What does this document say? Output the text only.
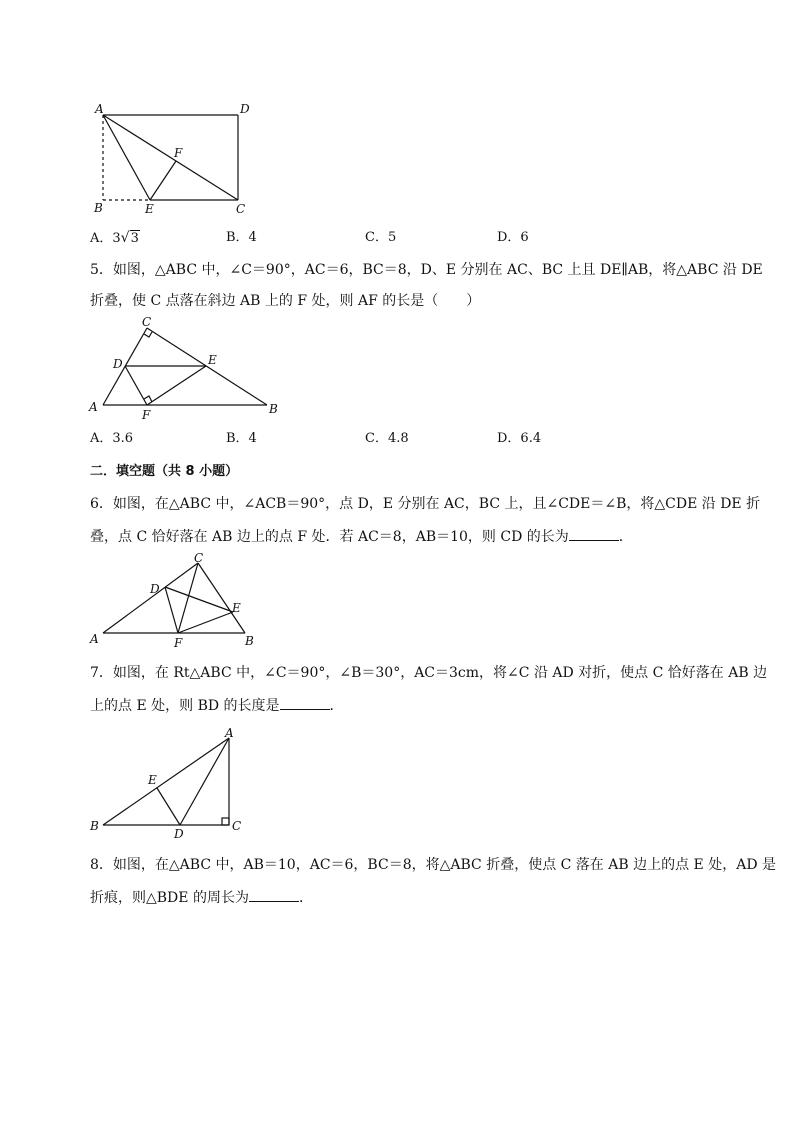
A	D
F
B	E	C
A．3√3	B．4	C．5	D．6
5．如图，△ABC 中，∠C＝90°，AC＝6，BC＝8，D、E 分别在 AC、BC 上且 DE∥AB，将△ABC 沿 DE
折叠，使 C 点落在斜边 AB 上的 F 处，则 AF 的长是（　　）
C
D	E
A
F	B
A．3.6	B．4	C．4.8	D．6.4
二．填空题（共 8 小题）
6．如图，在△ABC 中，∠ACB＝90°，点 D，E 分别在 AC，BC 上，且∠CDE＝∠B，将△CDE 沿 DE 折
叠，点 C 恰好落在 AB 边上的点 F 处．若 AC＝8，AB＝10，则 CD 的长为	．
C
D
E
A	F	B
7．如图，在 Rt△ABC 中，∠C＝90°，∠B＝30°，AC＝3cm，将∠C 沿 AD 对折，使点 C 恰好落在 AB 边
上的点 E 处，则 BD 的长度是	．
A
E
B
D
C
8．如图，在△ABC 中，AB＝10，AC＝6，BC＝8，将△ABC 折叠，使点 C 落在 AB 边上的点 E 处，AD 是
折痕，则△BDE 的周长为	．
